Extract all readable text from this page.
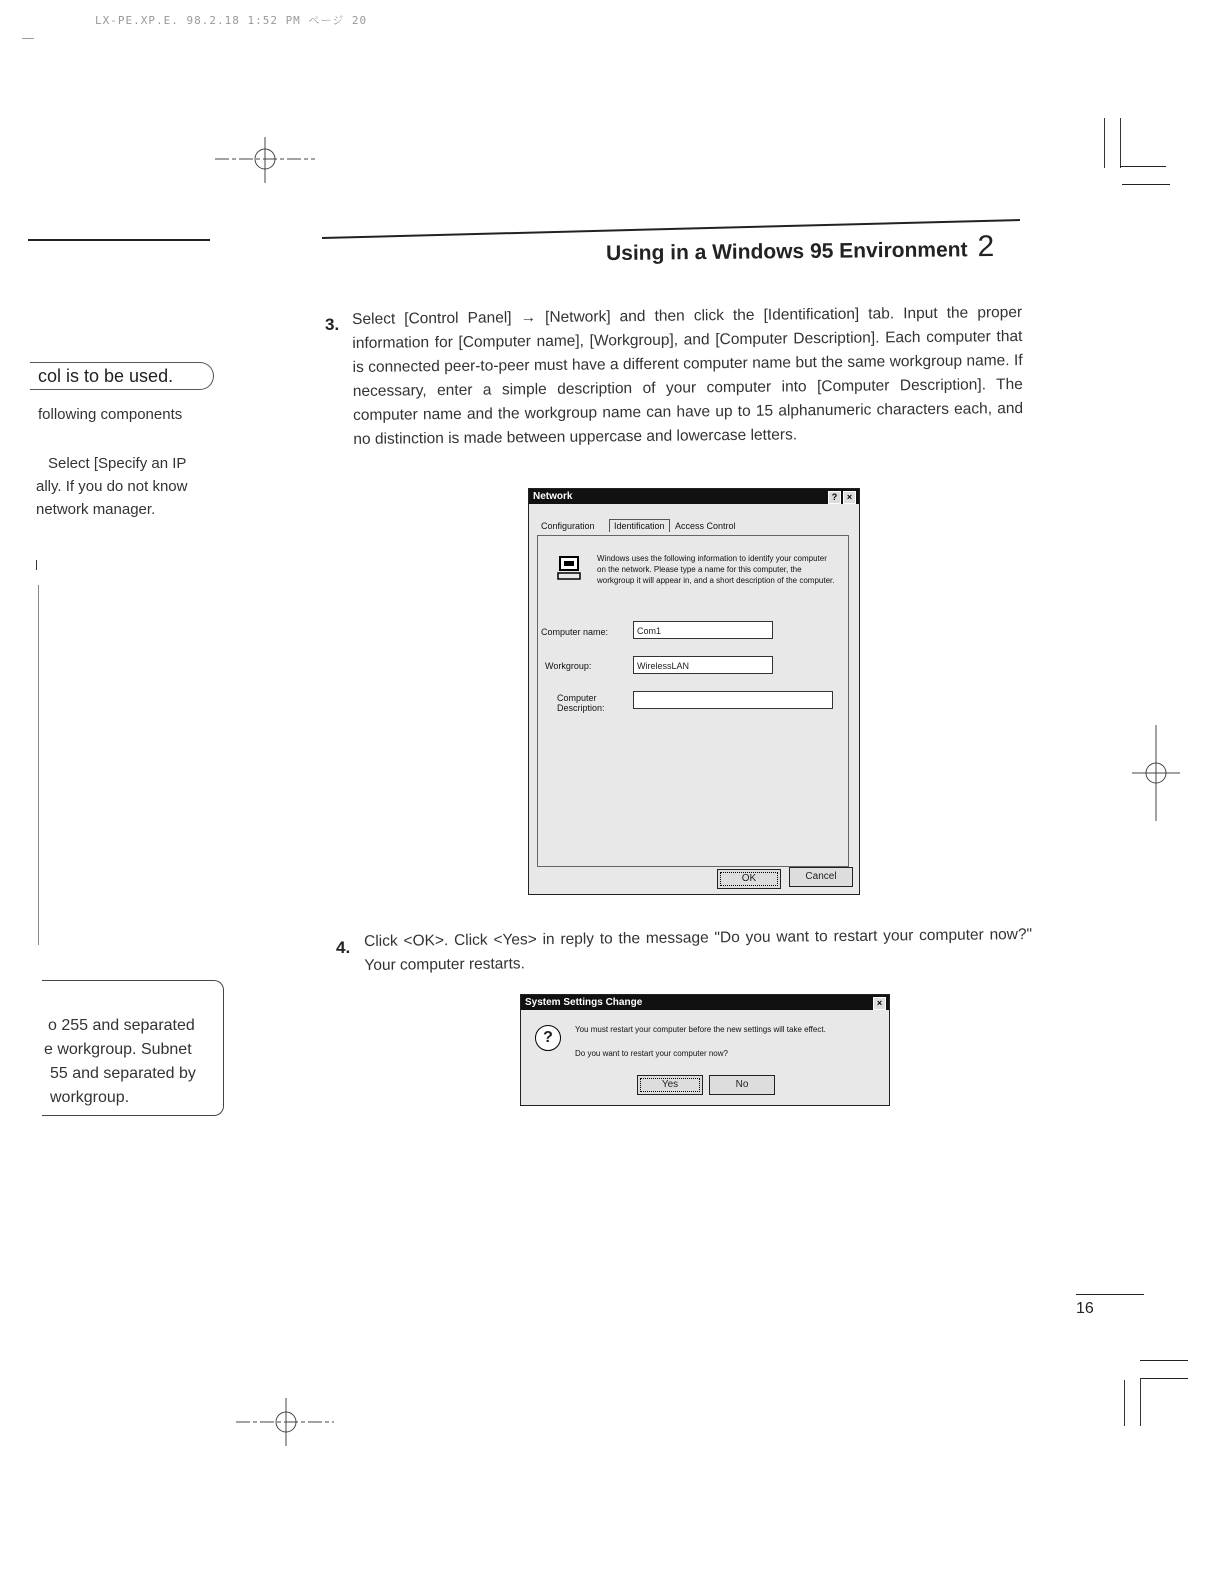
LX-PE.XP.E. 98.2.18 1:52 PM ページ 20
Using in a Windows 95 Environment 2
col is to be used.
following components
Select [Specify an IP
ally. If you do not know
network manager.
o 255 and separated
e workgroup. Subnet
55 and separated by
workgroup.
3. Select [Control Panel] → [Network] and then click the [Identification] tab. Input the proper information for [Computer name], [Workgroup], and [Computer Description]. Each computer that is connected peer-to-peer must have a different computer name but the same workgroup name. If necessary, enter a simple description of your computer into [Computer Description]. The computer name and the workgroup name can have up to 15 alphanumeric characters each, and no distinction is made between uppercase and lowercase letters.
Network	?	×
Configuration	Identification	Access Control
Windows uses the following information to identify your computer on the network. Please type a name for this computer, the workgroup it will appear in, and a short description of the computer.
Computer name:	Com1
Workgroup:	WirelessLAN
Computer Description:
OK	Cancel
4. Click <OK>. Click <Yes> in reply to the message "Do you want to restart your computer now?" Your computer restarts.
System Settings Change	×
?	You must restart your computer before the new settings will take effect.
Do you want to restart your computer now?
Yes	No
16
